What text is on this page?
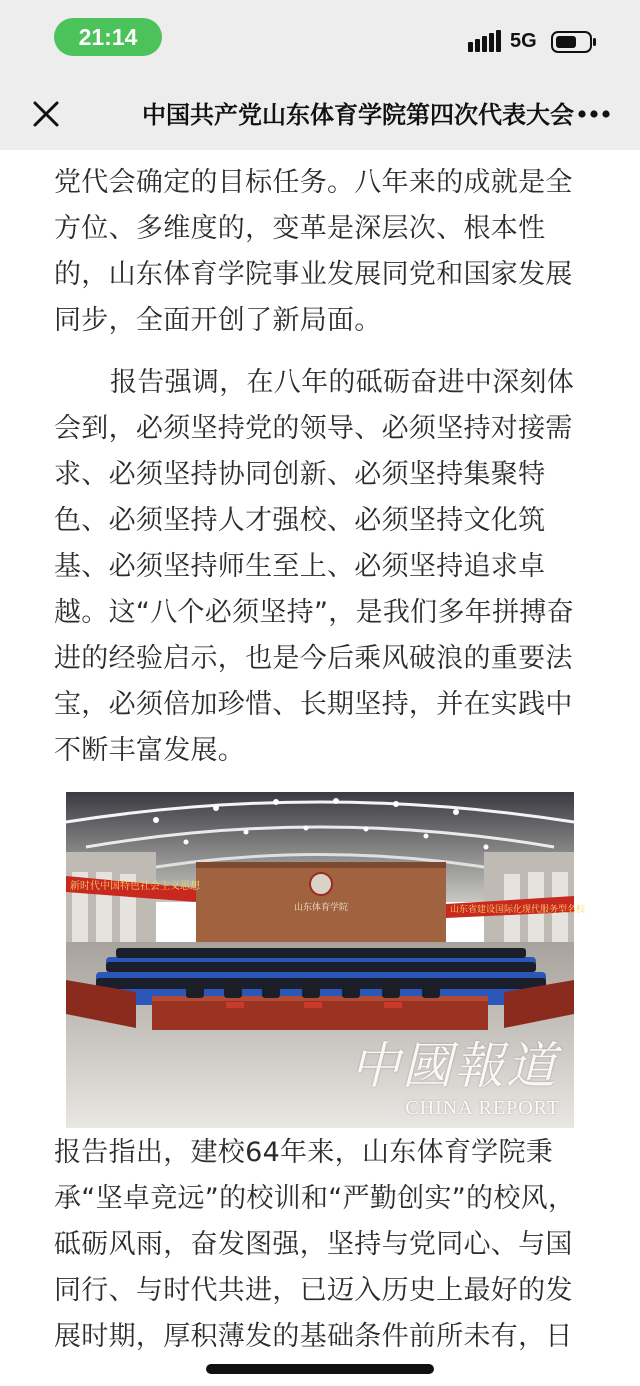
21:14	5G
中国共产党山东体育学院第四次代表大会

党代会确定的目标任务。八年来的成就是全方位、多维度的，变革是深层次、根本性的，山东体育学院事业发展同党和国家发展同步，全面开创了新局面。

报告强调，在八年的砥砺奋进中深刻体会到，必须坚持党的领导、必须坚持对接需求、必须坚持协同创新、必须坚持集聚特色、必须坚持人才强校、必须坚持文化筑基、必须坚持师生至上、必须坚持追求卓越。这“八个必须坚持”，是我们多年拼搏奋进的经验启示，也是今后乘风破浪的重要法宝，必须倍加珍惜、长期坚持，并在实践中不断丰富发展。

山东体育学院
新时代中国特色社会主义思想
山东省建设国际化现代服务型名校
中國報道
CHINA REPORT

报告指出，建校64年来，山东体育学院秉承“坚卓竞远”的校训和“严勤创实”的校风，砥砺风雨，奋发图强，坚持与党同心、与国同行、与时代共进，已迈入历史上最好的发展时期，厚积薄发的基础条件前所未有，日
